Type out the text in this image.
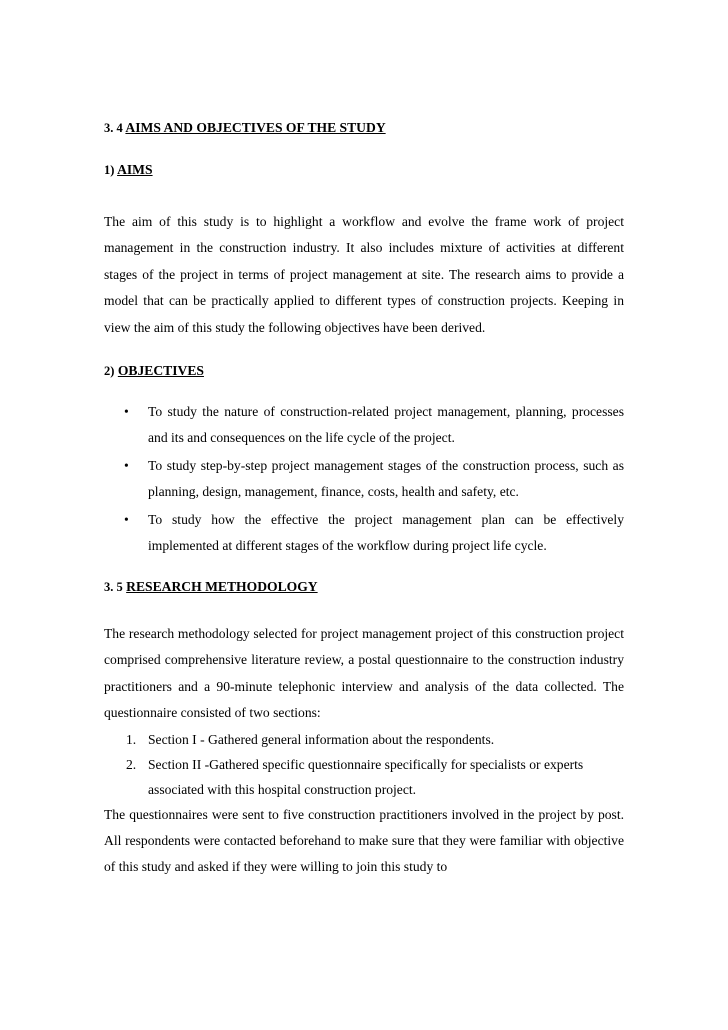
3. 4 AIMS AND OBJECTIVES OF THE STUDY
1) AIMS

The aim of this study is to highlight a workflow and evolve the frame work of project management in the construction industry. It also includes mixture of activities at different stages of the project in terms of project management at site. The research aims to provide a model that can be practically applied to different types of construction projects. Keeping in view the aim of this study the following objectives have been derived.

2) OBJECTIVES
• To study the nature of construction-related project management, planning, processes and its and consequences on the life cycle of the project.
• To study step-by-step project management stages of the construction process, such as planning, design, management, finance, costs, health and safety, etc.
• To study how the effective the project management plan can be effectively implemented at different stages of the workflow during project life cycle.
3. 5 RESEARCH METHODOLOGY

The research methodology selected for project management project of this construction project comprised comprehensive literature review, a postal questionnaire to the construction industry practitioners and a 90-minute telephonic interview and analysis of the data collected. The questionnaire consisted of two sections:

1. Section I - Gathered general information about the respondents.
2. Section II -Gathered specific questionnaire specifically for specialists or experts associated with this hospital construction project.

The questionnaires were sent to five construction practitioners involved in the project by post. All respondents were contacted beforehand to make sure that they were familiar with objective of this study and asked if they were willing to join this study to
